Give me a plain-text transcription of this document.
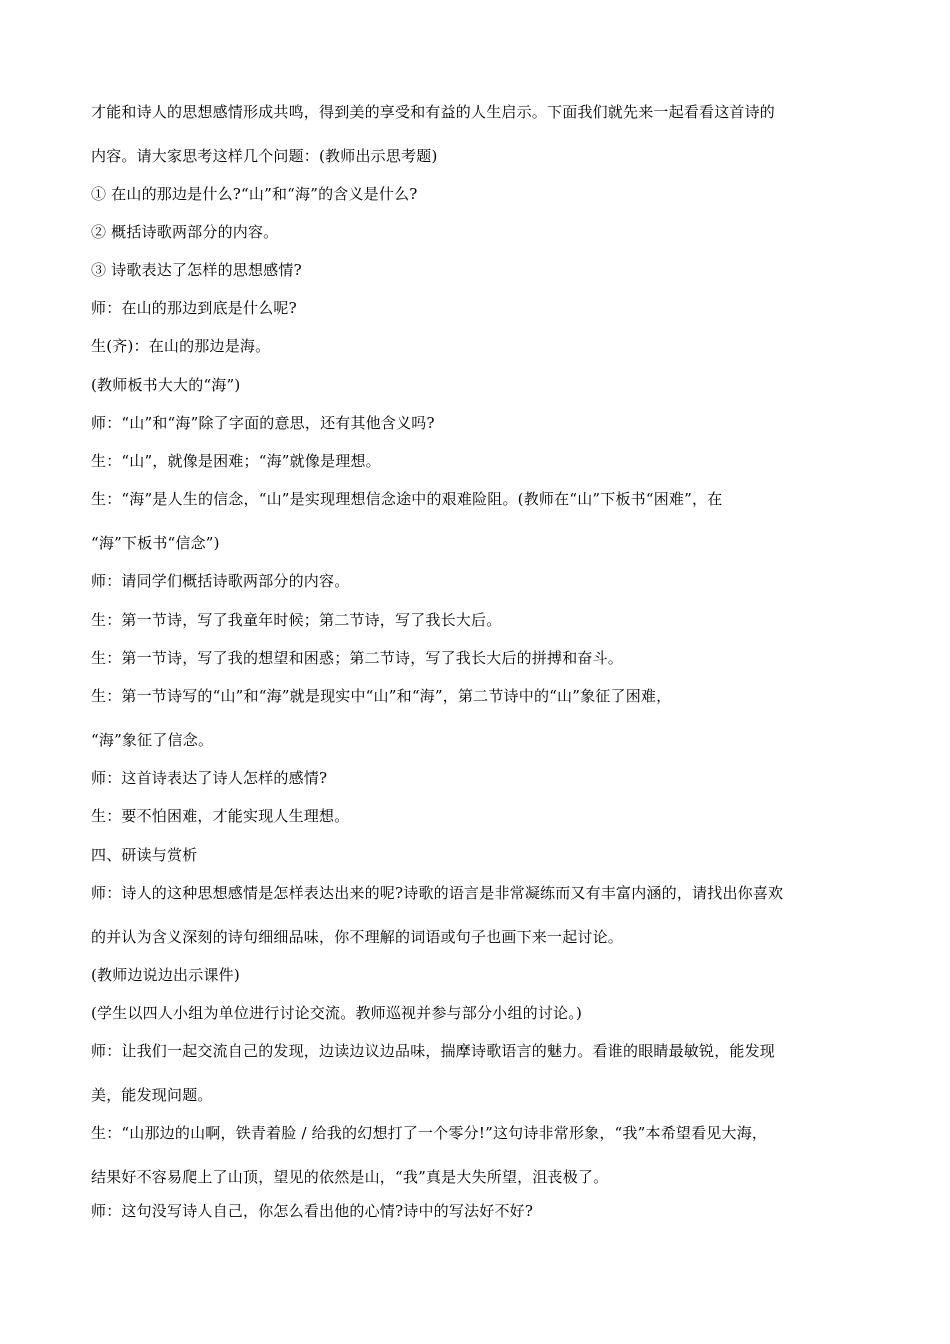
才能和诗人的思想感情形成共鸣，得到美的享受和有益的人生启示。下面我们就先来一起看看这首诗的
内容。请大家思考这样几个问题：(教师出示思考题)
① 在山的那边是什么?“山”和“海”的含义是什么?
② 概括诗歌两部分的内容。
③ 诗歌表达了怎样的思想感情?
师：在山的那边到底是什么呢?
生(齐)：在山的那边是海。
(教师板书大大的“海”)
师：“山”和“海”除了字面的意思，还有其他含义吗?
生：“山”，就像是困难；“海”就像是理想。
生：“海”是人生的信念，“山”是实现理想信念途中的艰难险阻。(教师在“山”下板书“困难”，在
“海”下板书“信念”)
师：请同学们概括诗歌两部分的内容。
生：第一节诗，写了我童年时候；第二节诗，写了我长大后。
生：第一节诗，写了我的想望和困惑；第二节诗，写了我长大后的拼搏和奋斗。
生：第一节诗写的“山”和“海”就是现实中“山”和“海”，第二节诗中的“山”象征了困难，
“海”象征了信念。
师：这首诗表达了诗人怎样的感情?
生：要不怕困难，才能实现人生理想。
四、研读与赏析
师：诗人的这种思想感情是怎样表达出来的呢?诗歌的语言是非常凝练而又有丰富内涵的，请找出你喜欢
的并认为含义深刻的诗句细细品味，你不理解的词语或句子也画下来一起讨论。
(教师边说边出示课件)
(学生以四人小组为单位进行讨论交流。教师巡视并参与部分小组的讨论。)
师：让我们一起交流自己的发现，边读边议边品味，揣摩诗歌语言的魅力。看谁的眼睛最敏锐，能发现
美，能发现问题。
生：“山那边的山啊，铁青着脸 / 给我的幻想打了一个零分!”这句诗非常形象，“我”本希望看见大海，
结果好不容易爬上了山顶，望见的依然是山，“我”真是大失所望，沮丧极了。
师：这句没写诗人自己，你怎么看出他的心情?诗中的写法好不好?
